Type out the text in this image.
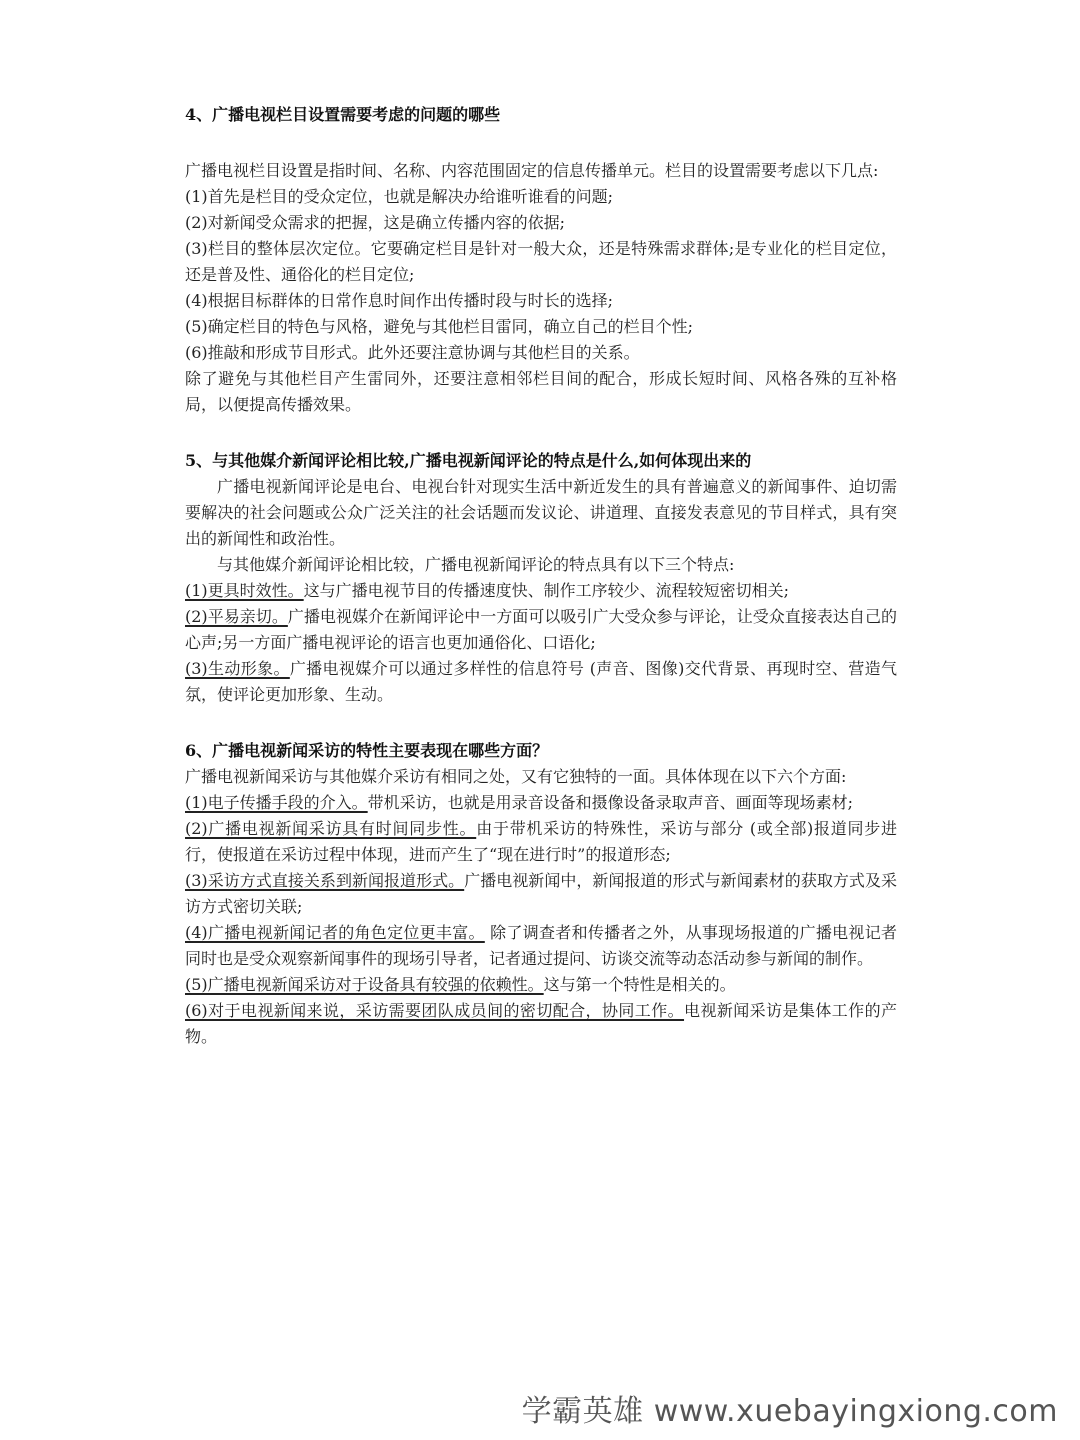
4、广播电视栏目设置需要考虑的问题的哪些

广播电视栏目设置是指时间、名称、内容范围固定的信息传播单元。栏目的设置需要考虑以下几点:

(1)首先是栏目的受众定位，也就是解决办给谁听谁看的问题;

(2)对新闻受众需求的把握，这是确立传播内容的依据;

(3)栏目的整体层次定位。它要确定栏目是针对一般大众，还是特殊需求群体;是专业化的栏目定位，还是普及性、通俗化的栏目定位;

(4)根据目标群体的日常作息时间作出传播时段与时长的选择;

(5)确定栏目的特色与风格，避免与其他栏目雷同，确立自己的栏目个性;

(6)推敲和形成节目形式。此外还要注意协调与其他栏目的关系。

除了避免与其他栏目产生雷同外，还要注意相邻栏目间的配合，形成长短时间、风格各殊的互补格局，以便提高传播效果。

5、与其他媒介新闻评论相比较,广播电视新闻评论的特点是什么,如何体现出来的

广播电视新闻评论是电台、电视台针对现实生活中新近发生的具有普遍意义的新闻事件、迫切需要解决的社会问题或公众广泛关注的社会话题而发议论、讲道理、直接发表意见的节目样式，具有突出的新闻性和政治性。

与其他媒介新闻评论相比较，广播电视新闻评论的特点具有以下三个特点:

(1)更具时效性。这与广播电视节目的传播速度快、制作工序较少、流程较短密切相关;

(2)平易亲切。广播电视媒介在新闻评论中一方面可以吸引广大受众参与评论，让受众直接表达自己的心声;另一方面广播电视评论的语言也更加通俗化、口语化;

(3)生动形象。广播电视媒介可以通过多样性的信息符号 (声音、图像)交代背景、再现时空、营造气氛，使评论更加形象、生动。

6、广播电视新闻采访的特性主要表现在哪些方面？

广播电视新闻采访与其他媒介采访有相同之处，又有它独特的一面。具体体现在以下六个方面:

(1)电子传播手段的介入。带机采访，也就是用录音设备和摄像设备录取声音、画面等现场素材;

(2)广播电视新闻采访具有时间同步性。由于带机采访的特殊性，采访与部分 (或全部)报道同步进行，使报道在采访过程中体现，进而产生了“现在进行时”的报道形态;

(3)采访方式直接关系到新闻报道形式。广播电视新闻中，新闻报道的形式与新闻素材的获取方式及采访方式密切关联;

(4)广播电视新闻记者的角色定位更丰富。 除了调查者和传播者之外，从事现场报道的广播电视记者同时也是受众观察新闻事件的现场引导者，记者通过提问、访谈交流等动态活动参与新闻的制作。

(5)广播电视新闻采访对于设备具有较强的依赖性。这与第一个特性是相关的。

(6)对于电视新闻来说，采访需要团队成员间的密切配合，协同工作。电视新闻采访是集体工作的产物。

学霸英雄 www.xuebayingxiong.com
